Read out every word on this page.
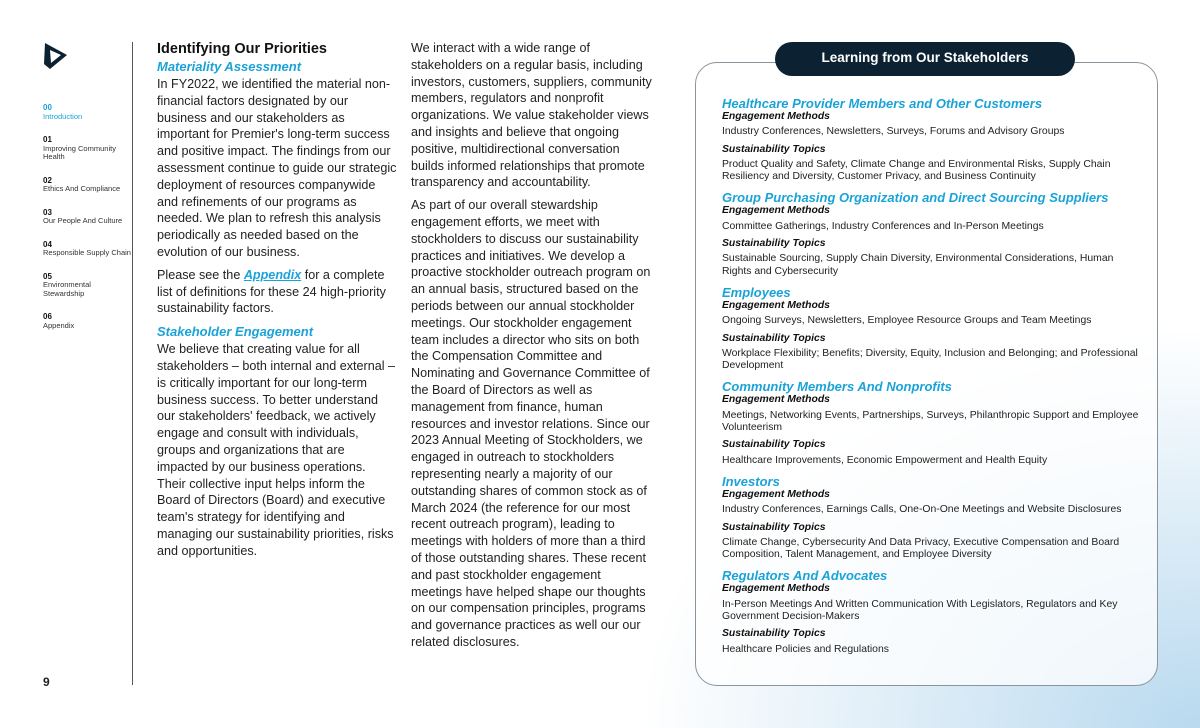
00
Introduction
01
Improving Community Health
02
Ethics And Compliance
03
Our People And Culture
04
Responsible Supply Chain
05
Environmental Stewardship
06
Appendix
9
Identifying Our Priorities
Materiality Assessment

In FY2022, we identified the material non-financial factors designated by our business and our stakeholders as important for Premier's long-term success and positive impact. The findings from our assessment continue to guide our strategic deployment of resources companywide and refinements of our programs as needed. We plan to refresh this analysis periodically as needed based on the evolution of our business.

Please see the Appendix for a complete list of definitions for these 24 high-priority sustainability factors.

Stakeholder Engagement

We believe that creating value for all stakeholders – both internal and external – is critically important for our long-term business success. To better understand our stakeholders' feedback, we actively engage and consult with individuals, groups and organizations that are impacted by our business operations. Their collective input helps inform the Board of Directors (Board) and executive team's strategy for identifying and managing our sustainability priorities, risks and opportunities.

We interact with a wide range of stakeholders on a regular basis, including investors, customers, suppliers, community members, regulators and nonprofit organizations. We value stakeholder views and insights and believe that ongoing positive, multidirectional conversation builds informed relationships that promote transparency and accountability.

As part of our overall stewardship engagement efforts, we meet with stockholders to discuss our sustainability practices and initiatives. We develop a proactive stockholder outreach program on an annual basis, structured based on the periods between our annual stockholder meetings. Our stockholder engagement team includes a director who sits on both the Compensation Committee and Nominating and Governance Committee of the Board of Directors as well as management from finance, human resources and investor relations. Since our 2023 Annual Meeting of Stockholders, we engaged in outreach to stockholders representing nearly a majority of our outstanding shares of common stock as of March 2024 (the reference for our most recent outreach program), leading to meetings with holders of more than a third of those outstanding shares. These recent and past stockholder engagement meetings have helped shape our thoughts on our compensation principles, programs and governance practices as well our our related disclosures.

Learning from Our Stakeholders
Healthcare Provider Members and Other Customers
Engagement Methods
Industry Conferences, Newsletters, Surveys, Forums and Advisory Groups
Sustainability Topics
Product Quality and Safety, Climate Change and Environmental Risks, Supply Chain Resiliency and Diversity, Customer Privacy, and Business Continuity
Group Purchasing Organization and Direct Sourcing Suppliers
Engagement Methods
Committee Gatherings, Industry Conferences and In-Person Meetings
Sustainability Topics
Sustainable Sourcing, Supply Chain Diversity, Environmental Considerations, Human Rights and Cybersecurity
Employees
Engagement Methods
Ongoing Surveys, Newsletters, Employee Resource Groups and Team Meetings
Sustainability Topics
Workplace Flexibility; Benefits; Diversity, Equity, Inclusion and Belonging; and Professional Development
Community Members And Nonprofits
Engagement Methods
Meetings, Networking Events, Partnerships, Surveys, Philanthropic Support and Employee Volunteerism
Sustainability Topics
Healthcare Improvements, Economic Empowerment and Health Equity
Investors
Engagement Methods
Industry Conferences, Earnings Calls, One-On-One Meetings and Website Disclosures
Sustainability Topics
Climate Change, Cybersecurity And Data Privacy, Executive Compensation and Board Composition, Talent Management, and Employee Diversity
Regulators And Advocates
Engagement Methods
In-Person Meetings And Written Communication With Legislators, Regulators and Key Government Decision-Makers
Sustainability Topics
Healthcare Policies and Regulations
